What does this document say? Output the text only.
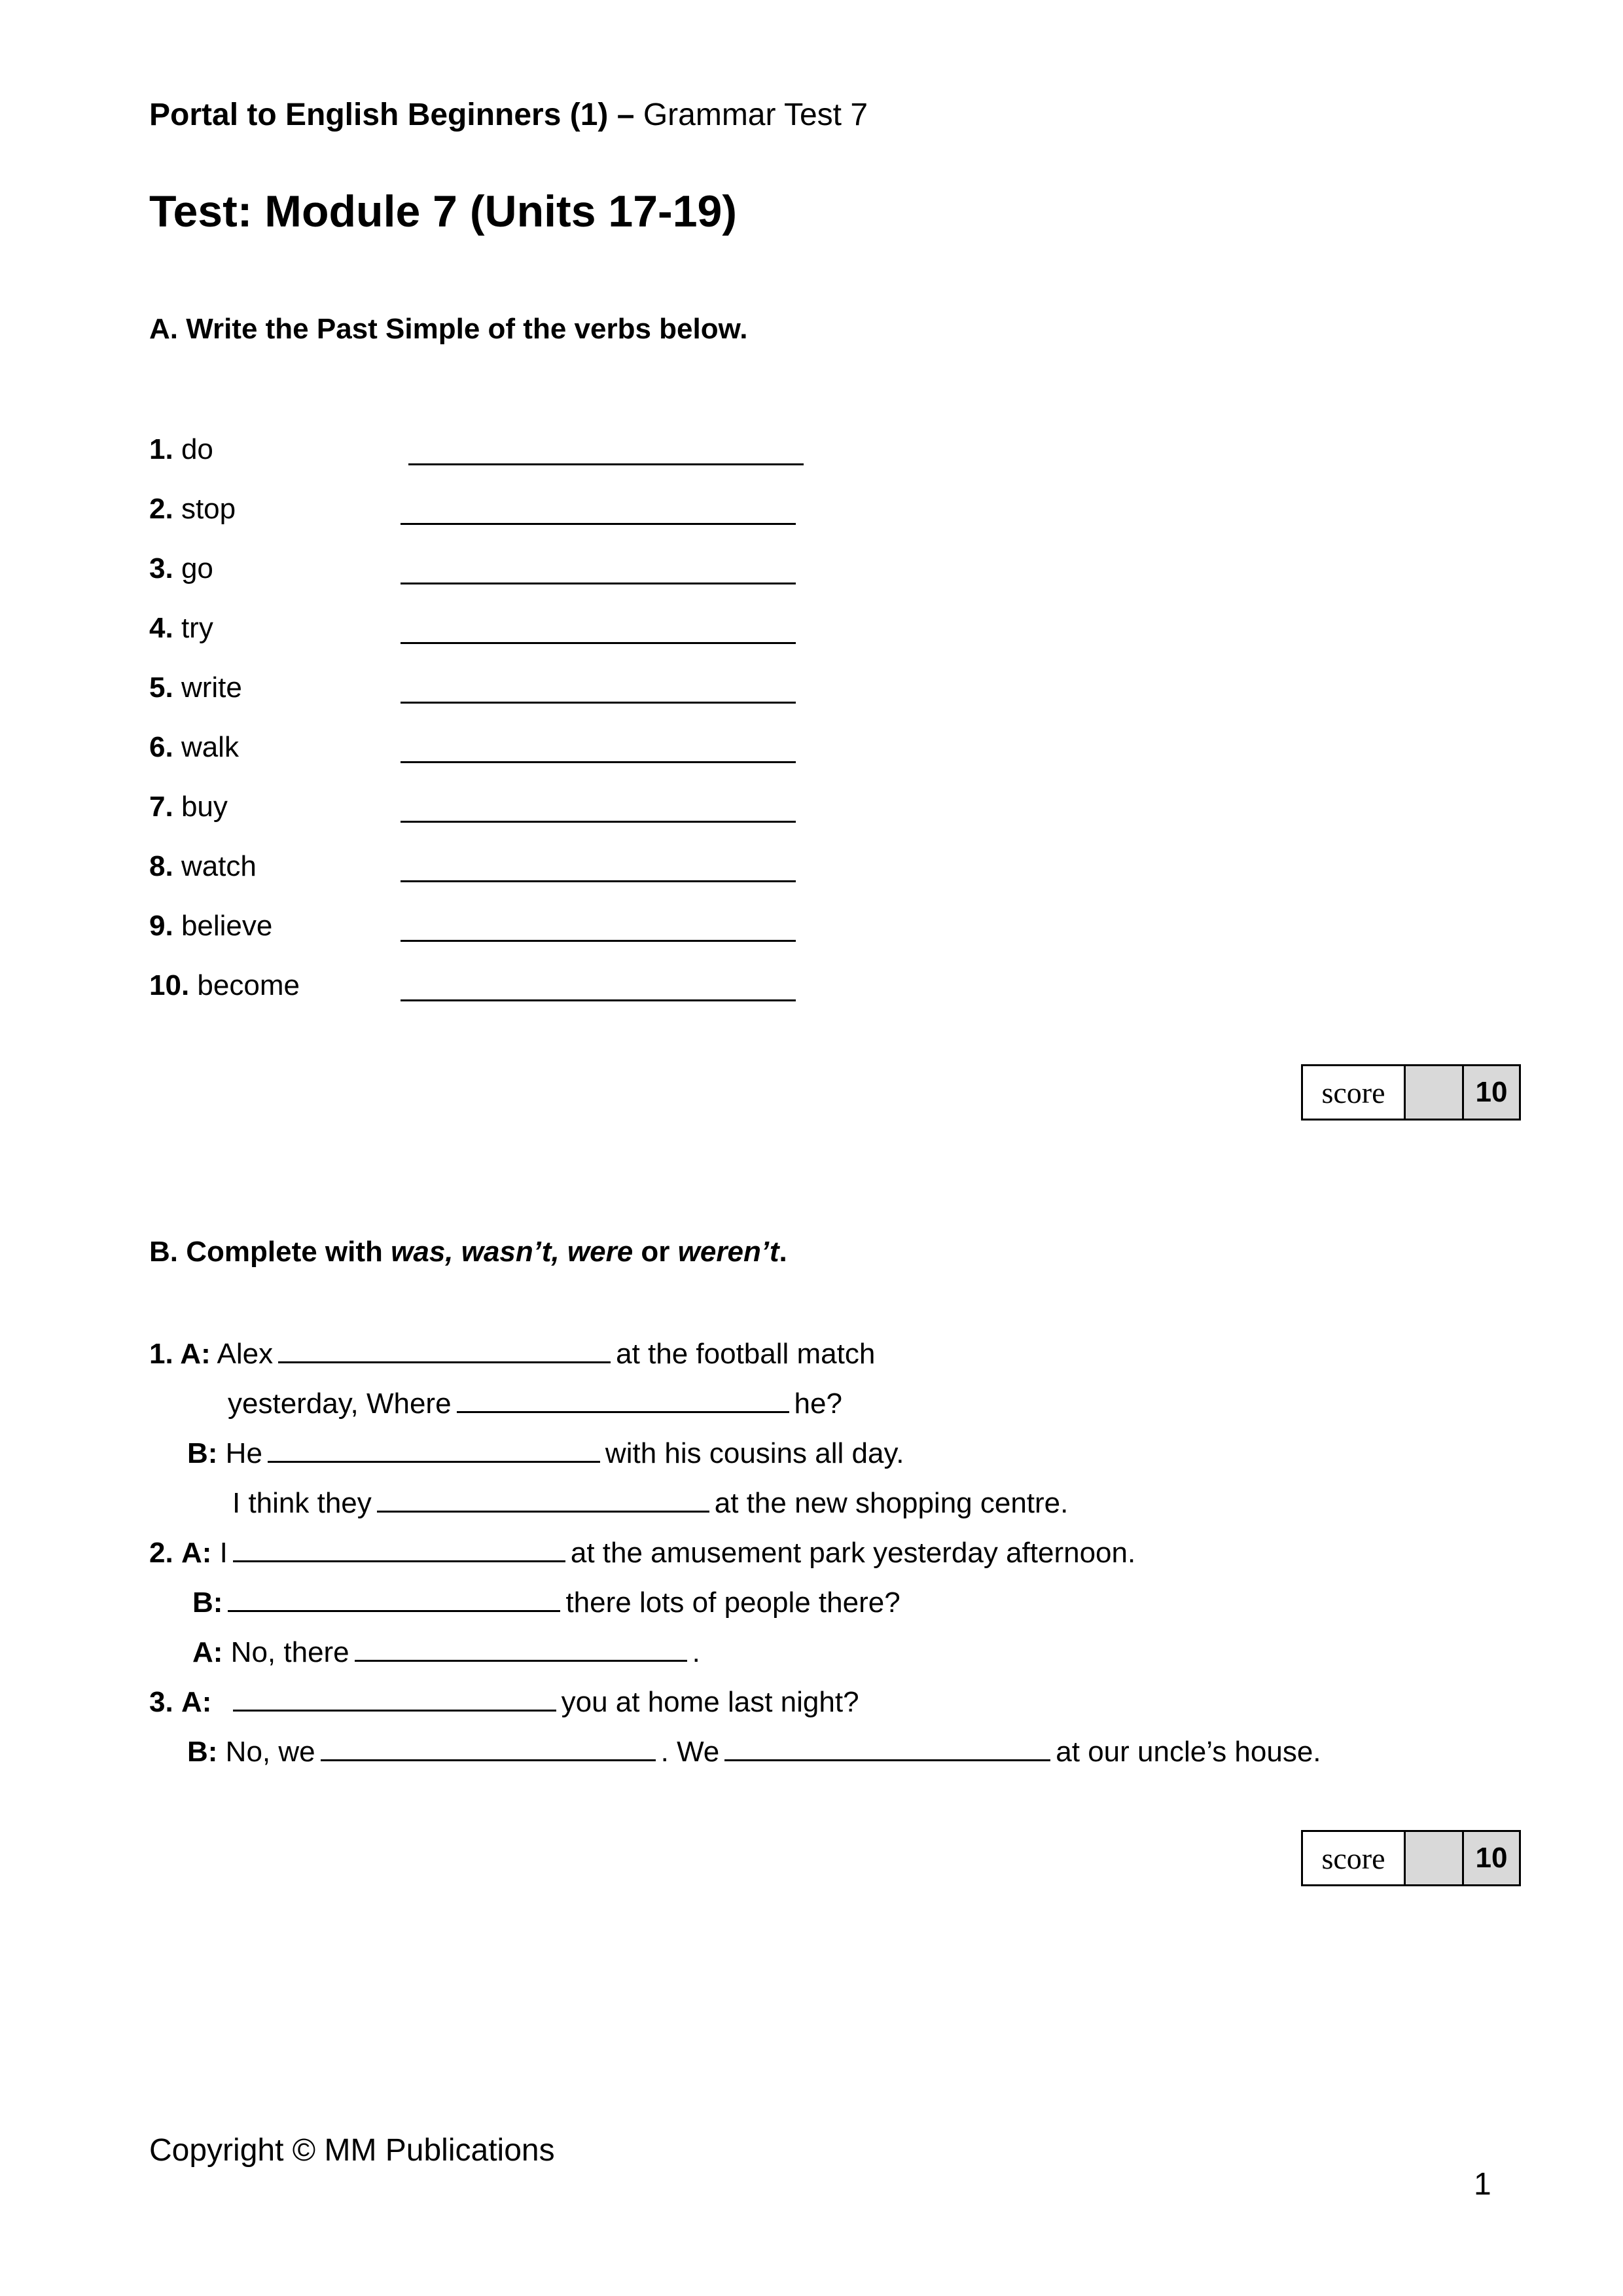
Portal to English Beginners (1) – Grammar Test 7
Test: Module 7 (Units 17-19)
A. Write the Past Simple of the verbs below.
1. do
2. stop
3. go
4. try
5. write
6. walk
7. buy
8. watch
9. believe
10. become
score	10
B. Complete with was, wasn’t, were or weren’t.
1. A: Alex	at the football match
yesterday, Where	he?
B: He	with his cousins all day.
I think they	at the new shopping centre.
2. A: I	at the amusement park yesterday afternoon.
B:	there lots of people there?
A: No, there	.
3. A:	you at home last night?
B: No, we	. We	at our uncle’s house.
score	10
Copyright © MM Publications
1
